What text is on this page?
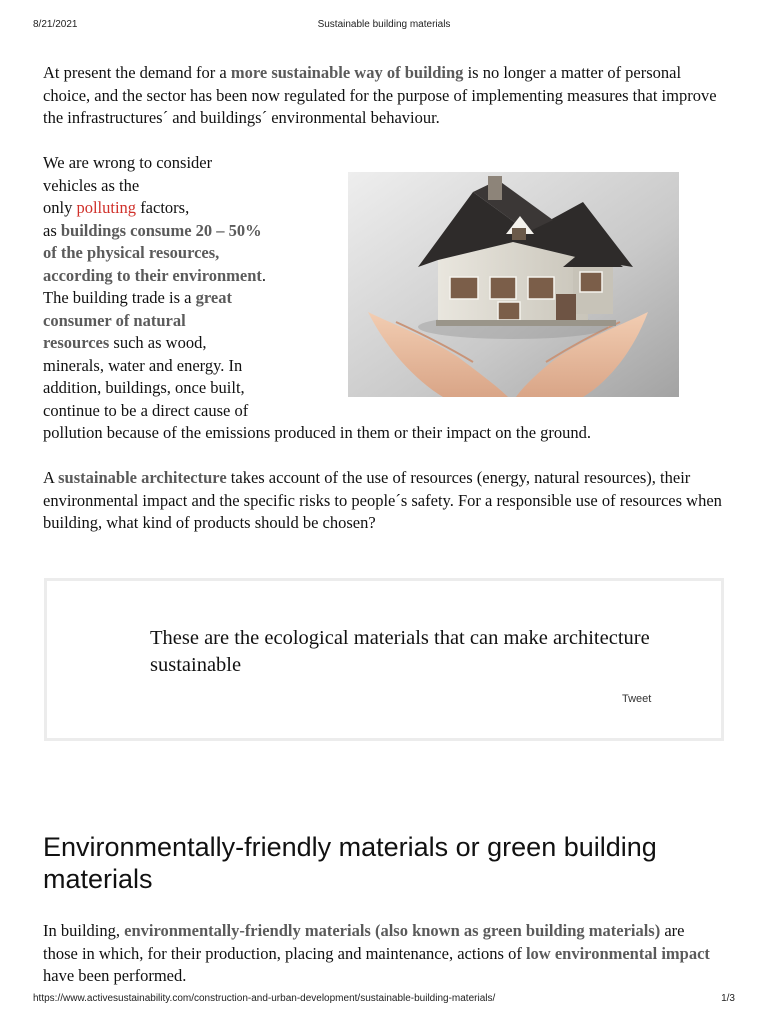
8/21/2021	Sustainable building materials

At present the demand for a more sustainable way of building is no longer a matter of personal choice, and the sector has been now regulated for the purpose of implementing measures that improve the infrastructures´ and buildings´ environmental behaviour.

We are wrong to consider
vehicles as the
only polluting factors,
as buildings consume 20 – 50%
of the physical resources,
according to their environment.
The building trade is a great
consumer of natural
resources such as wood,
minerals, water and energy. In
addition, buildings, once built,
continue to be a direct cause of
pollution because of the emissions produced in them or their impact on the ground.

A sustainable architecture takes account of the use of resources (energy, natural resources), their environmental impact and the specific risks to people´s safety. For a responsible use of resources when building, what kind of products should be chosen?

These are the ecological materials that can make architecture sustainable
Tweet
Environmentally-friendly materials or green building materials

In building, environmentally-friendly materials (also known as green building materials) are those in which, for their production, placing and maintenance, actions of low environmental impact have been performed.

https://www.activesustainability.com/construction-and-urban-development/sustainable-building-materials/	1/3
